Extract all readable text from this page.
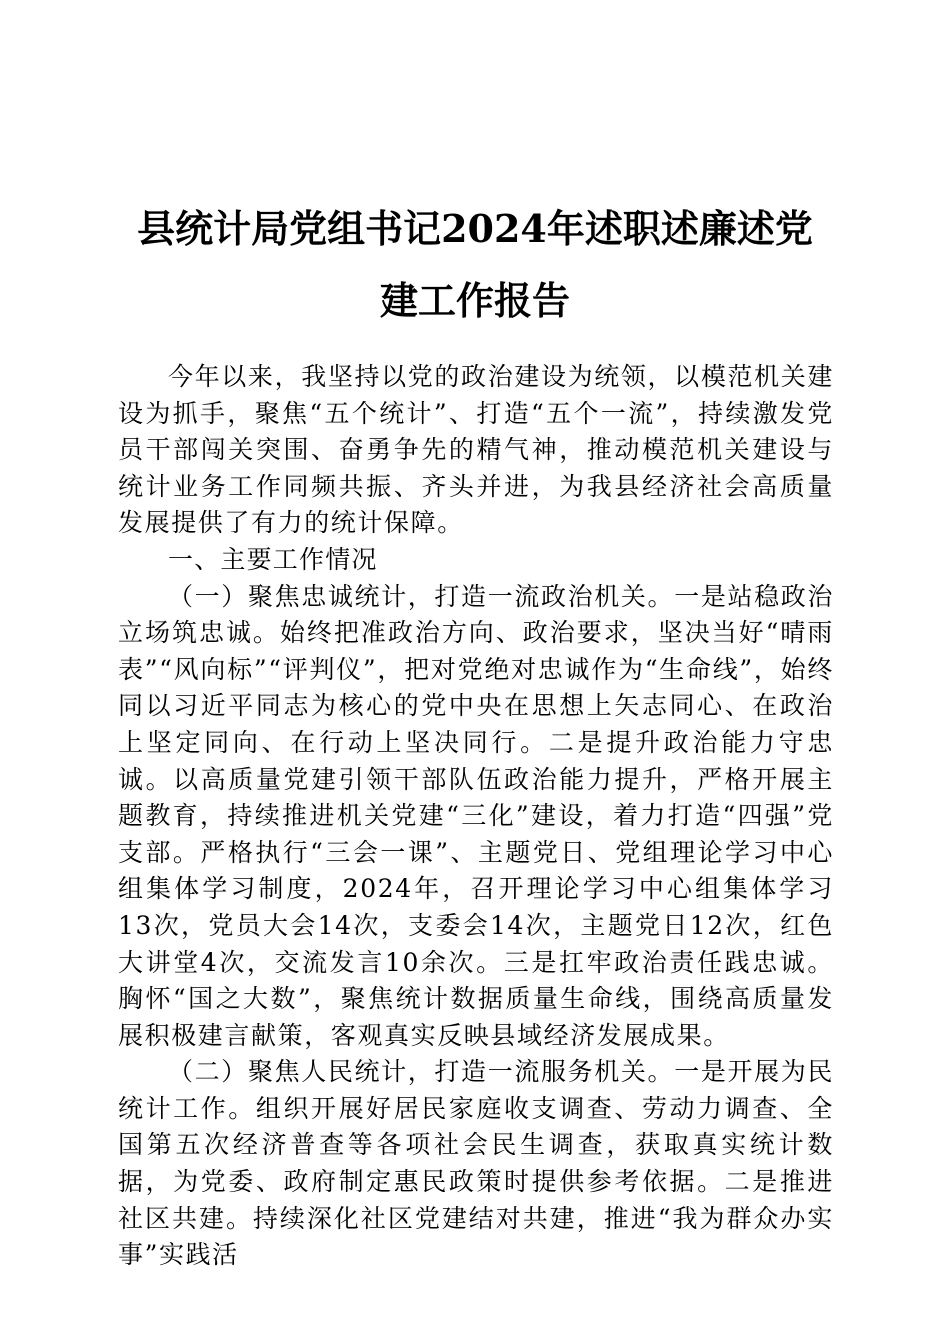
县统计局党组书记2024年述职述廉述党建工作报告

今年以来，我坚持以党的政治建设为统领，以模范机关建设为抓手，聚焦“五个统计”、打造“五个一流”，持续激发党员干部闯关突围、奋勇争先的精气神，推动模范机关建设与统计业务工作同频共振、齐头并进，为我县经济社会高质量发展提供了有力的统计保障。

一、主要工作情况

（一）聚焦忠诚统计，打造一流政治机关。一是站稳政治立场筑忠诚。始终把准政治方向、政治要求，坚决当好“晴雨表”“风向标”“评判仪”，把对党绝对忠诚作为“生命线”，始终同以习近平同志为核心的党中央在思想上矢志同心、在政治上坚定同向、在行动上坚决同行。二是提升政治能力守忠诚。以高质量党建引领干部队伍政治能力提升，严格开展主题教育，持续推进机关党建“三化”建设，着力打造“四强”党支部。严格执行“三会一课”、主题党日、党组理论学习中心组集体学习制度，2024年，召开理论学习中心组集体学习13次，党员大会14次，支委会14次，主题党日12次，红色大讲堂4次，交流发言10余次。三是扛牢政治责任践忠诚。胸怀“国之大数”，聚焦统计数据质量生命线，围绕高质量发展积极建言献策，客观真实反映县域经济发展成果。

（二）聚焦人民统计，打造一流服务机关。一是开展为民统计工作。组织开展好居民家庭收支调查、劳动力调查、全国第五次经济普查等各项社会民生调查，获取真实统计数据，为党委、政府制定惠民政策时提供参考依据。二是推进社区共建。持续深化社区党建结对共建，推进“我为群众办实事”实践活
